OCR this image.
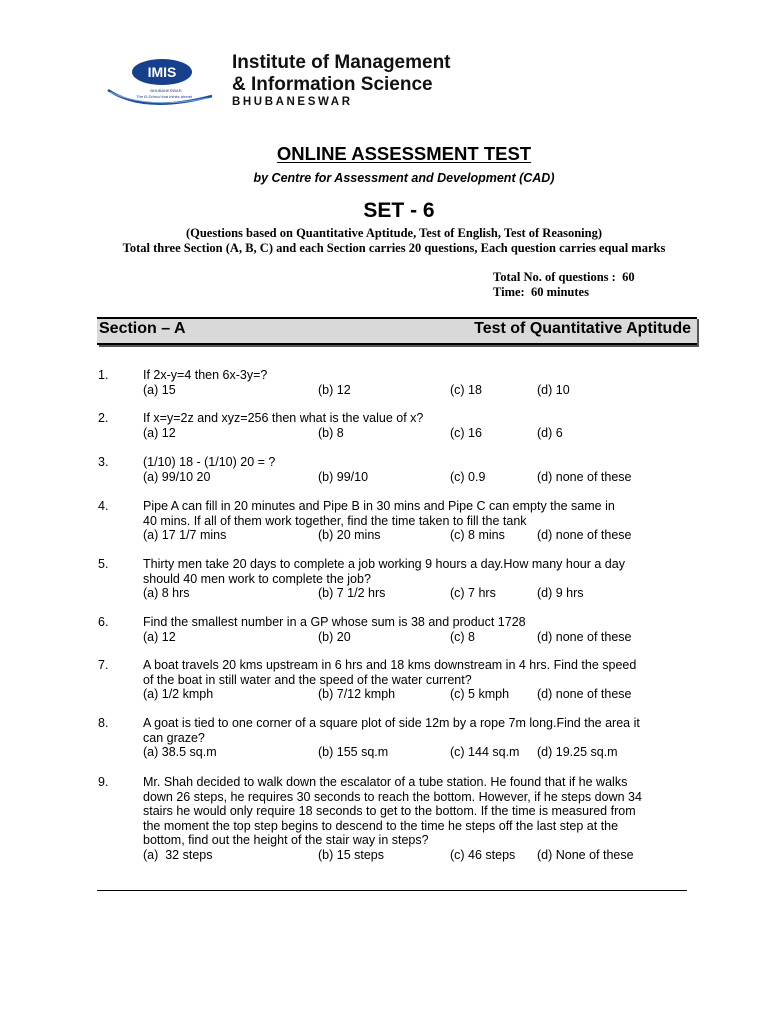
IMIS
BHUBANESWAR
The B-School that thinks ahead
Institute of Management
& Information Science
BHUBANESWAR
ONLINE ASSESSMENT TEST
by Centre for Assessment and Development (CAD)
SET - 6
(Questions based on Quantitative Aptitude, Test of English, Test of Reasoning)
Total three Section (A, B, C) and each Section carries 20 questions, Each question carries equal marks
Total No. of questions :  60
Time:  60 minutes
Section – A	Test of Quantitative Aptitude
1.	If 2x-y=4 then 6x-3y=?
(a) 15	(b) 12	(c) 18	(d) 10
2.	If x=y=2z and xyz=256 then what is the value of x?
(a) 12	(b) 8	(c) 16	(d) 6
3.	(1/10) 18 - (1/10) 20 = ?
(a) 99/10 20	(b) 99/10	(c) 0.9	(d) none of these
4.	Pipe A can fill in 20 minutes and Pipe B in 30 mins and Pipe C can empty the same in
40 mins. If all of them work together, find the time taken to fill the tank
(a) 17 1/7 mins	(b) 20 mins	(c) 8 mins	(d) none of these
5.	Thirty men take 20 days to complete a job working 9 hours a day.How many hour a day
should 40 men work to complete the job?
(a) 8 hrs	(b) 7 1/2 hrs	(c) 7 hrs	(d) 9 hrs
6.	Find the smallest number in a GP whose sum is 38 and product 1728
(a) 12	(b) 20	(c) 8	(d) none of these
7.	A boat travels 20 kms upstream in 6 hrs and 18 kms downstream in 4 hrs. Find the speed
of the boat in still water and the speed of the water current?
(a) 1/2 kmph	(b) 7/12 kmph	(c) 5 kmph (d) none of these
8.	A goat is tied to one corner of a square plot of side 12m by a rope 7m long.Find the area it
can graze?
(a) 38.5 sq.m	(b) 155 sq.m	(c) 144 sq.m (d) 19.25 sq.m
9.	Mr. Shah decided to walk down the escalator of a tube station. He found that if he walks
down 26 steps, he requires 30 seconds to reach the bottom. However, if he steps down 34
stairs he would only require 18 seconds to get to the bottom. If the time is measured from
the moment the top step begins to descend to the time he steps off the last step at the
bottom, find out the height of the stair way in steps?
(a)  32 steps	(b) 15 steps	(c) 46 steps (d) None of these
